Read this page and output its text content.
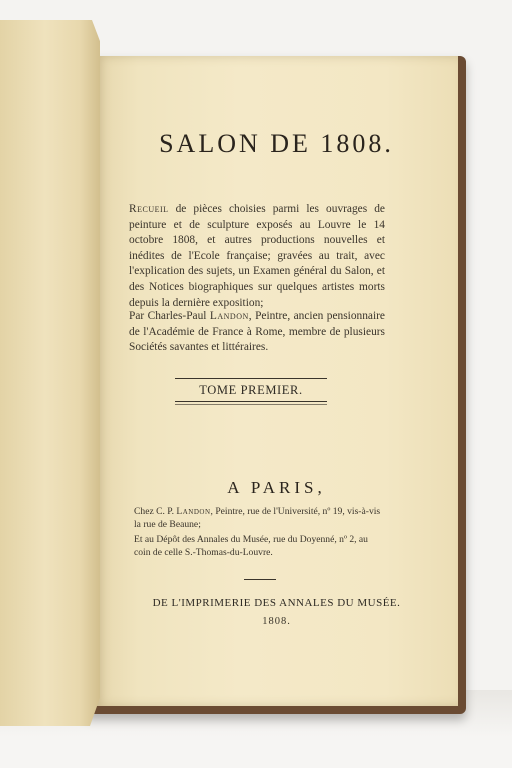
SALON DE 1808.
Recueil de pièces choisies parmi les ouvrages de peinture et de sculpture exposés au Louvre le 14 octobre 1808, et autres productions nouvelles et inédites de l'Ecole française; gravées au trait, avec l'explication des sujets, un Examen général du Salon, et des Notices biographiques sur quelques artistes morts depuis la dernière exposition;
Par Charles-Paul Landon, Peintre, ancien pensionnaire de l'Académie de France à Rome, membre de plusieurs Sociétés savantes et littéraires.
TOME PREMIER.
A PARIS,
Chez C. P. Landon, Peintre, rue de l'Université, nº 19, vis-à-vis la rue de Beaune;
Et au Dépôt des Annales du Musée, rue du Doyenné, nº 2, au coin de celle S.-Thomas-du-Louvre.
DE L'IMPRIMERIE DES ANNALES DU MUSÉE.
1808.
